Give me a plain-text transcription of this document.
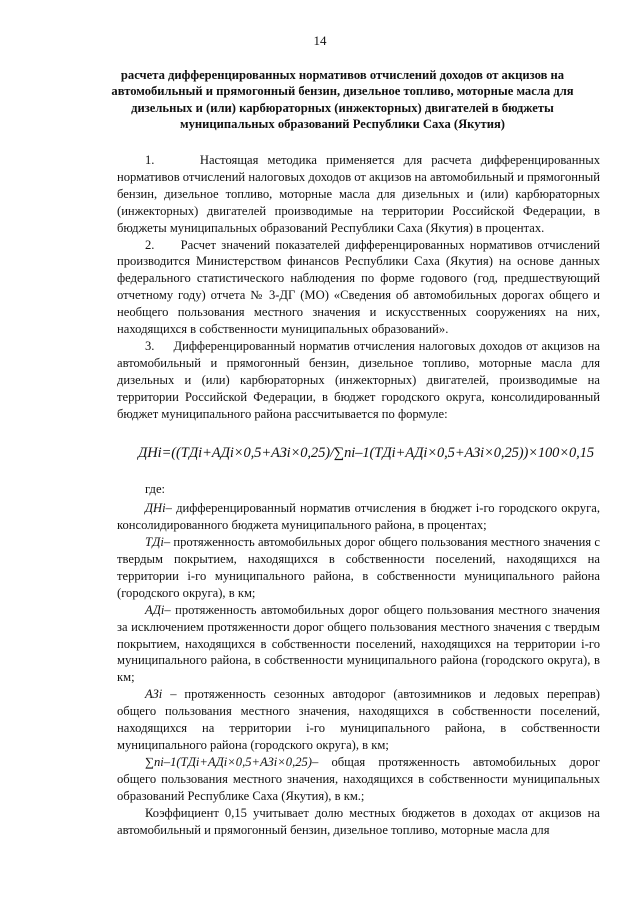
14
расчета дифференцированных нормативов отчислений доходов от акцизов на автомобильный и прямогонный бензин, дизельное топливо, моторные масла для дизельных и (или) карбюраторных (инжекторных) двигателей в бюджеты муниципальных образований Республики Саха (Якутия)

1.     Настоящая методика применяется для расчета дифференцированных нормативов отчислений налоговых доходов от акцизов на автомобильный и прямогонный бензин, дизельное топливо, моторные масла для дизельных и (или) карбюраторных (инжекторных) двигателей производимые на территории Российской Федерации, в бюджеты муниципальных образований Республики Саха (Якутия) в процентах.

2.     Расчет значений показателей дифференцированных нормативов отчислений производится Министерством финансов Республики Саха (Якутия) на основе данных федерального статистического наблюдения по форме годового (год, предшествующий отчетному году) отчета № 3-ДГ (МО) «Сведения об автомобильных дорогах общего и необщего пользования местного значения и искусственных сооружениях на них, находящихся в собственности муниципальных образований».

3.     Дифференцированный норматив отчисления налоговых доходов от акцизов на автомобильный и прямогонный бензин, дизельное топливо, моторные масла для дизельных и (или) карбюраторных (инжекторных) двигателей, производимые на территории Российской Федерации, в бюджет городского округа, консолидированный бюджет муниципального района рассчитывается по формуле:

ДНi=((ТДi+АДi×0,5+АЗi×0,25)/∑ni–1(ТДi+АДi×0,5+АЗi×0,25))×100×0,15

где:

ДНi– дифференцированный норматив отчисления в бюджет i-го городского округа, консолидированного бюджета муниципального района, в процентах;

ТДi– протяженность автомобильных дорог общего пользования местного значения с твердым покрытием, находящихся в собственности поселений, находящихся на территории i-го муниципального района, в собственности муниципального района (городского округа), в км;

АДi– протяженность автомобильных дорог общего пользования местного значения за исключением протяженности дорог общего пользования местного значения с твердым покрытием, находящихся в собственности поселений, находящихся на территории i-го муниципального района, в собственности муниципального района (городского округа), в км;

АЗi – протяженность сезонных автодорог (автозимников и ледовых переправ) общего пользования местного значения, находящихся в собственности поселений, находящихся на территории i-го муниципального района, в собственности муниципального района (городского округа), в км;

∑ni–1(ТДi+АДi×0,5+АЗi×0,25)– общая протяженность автомобильных дорог общего пользования местного значения, находящихся в собственности муниципальных образований Республике Саха (Якутия), в км.;

Коэффициент 0,15 учитывает долю местных бюджетов в доходах от акцизов на автомобильный и прямогонный бензин, дизельное топливо, моторные масла для
